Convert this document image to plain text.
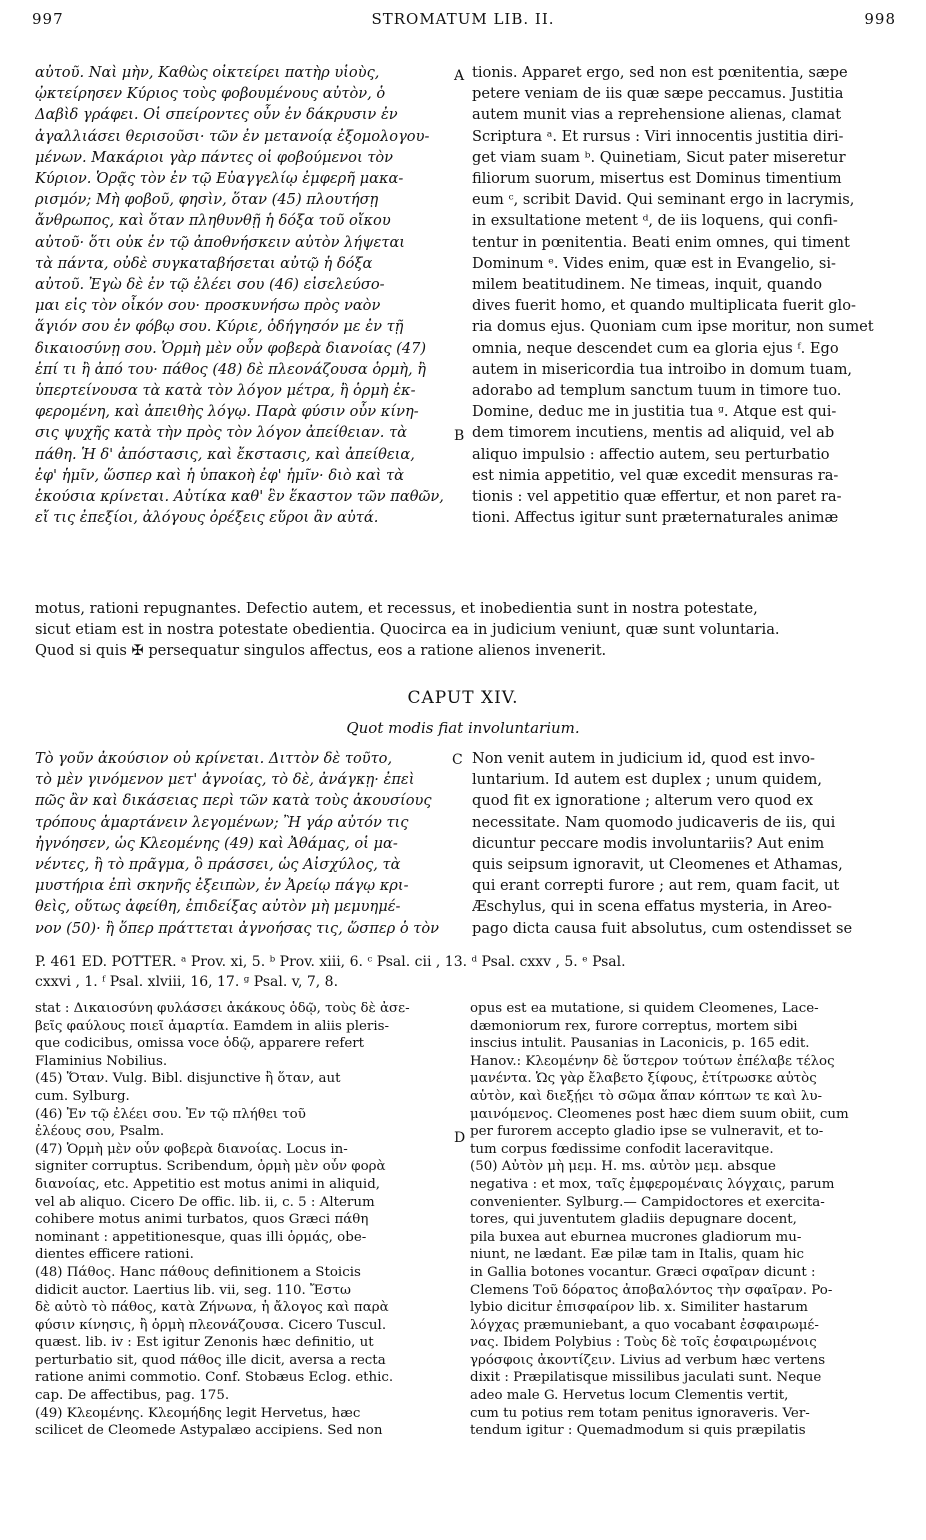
997	STROMATUM LIB. II.	998
A
B
C
D
αὐτοῦ. Ναὶ μὴν, Καθὼς οἰκτείρει πατὴρ υἱοὺς,
ᾠκτείρησεν Κύριος τοὺς φοβουμένους αὐτὸν, ὁ
Δαβὶδ γράφει. Οἱ σπείροντες οὖν ἐν δάκρυσιν ἐν
ἀγαλλιάσει θερισοῦσι· τῶν ἐν μετανοίᾳ ἐξομολογου-
μένων. Μακάριοι γὰρ πάντες οἱ φοβούμενοι τὸν
Κύριον. Ὁρᾷς τὸν ἐν τῷ Εὐαγγελίῳ ἐμφερῆ μακα-
ρισμόν; Μὴ φοβοῦ, φησὶν, ὅταν (45) πλουτήσῃ
ἄνθρωπος, καὶ ὅταν πληθυνθῇ ἡ δόξα τοῦ οἴκου
αὐτοῦ· ὅτι οὐκ ἐν τῷ ἀποθνήσκειν αὐτὸν λήψεται
τὰ πάντα, οὐδὲ συγκαταβήσεται αὐτῷ ἡ δόξα
αὐτοῦ. Ἐγὼ δὲ ἐν τῷ ἐλέει σου (46) εἰσελεύσο-
μαι εἰς τὸν οἶκόν σου· προσκυνήσω πρὸς ναὸν
ἅγιόν σου ἐν φόβῳ σου. Κύριε, ὁδήγησόν με ἐν τῇ
δικαιοσύνῃ σου. Ὁρμὴ μὲν οὖν φοβερὰ διανοίας (47)
ἐπί τι ἢ ἀπό του· πάθος (48) δὲ πλεονάζουσα ὁρμὴ, ἢ
ὑπερτείνουσα τὰ κατὰ τὸν λόγον μέτρα, ἢ ὁρμὴ ἐκ-
φερομένη, καὶ ἀπειθὴς λόγῳ. Παρὰ φύσιν οὖν κίνη-
σις ψυχῆς κατὰ τὴν πρὸς τὸν λόγον ἀπείθειαν. τὰ
πάθη. Ἡ δ' ἀπόστασις, καὶ ἔκστασις, καὶ ἀπείθεια,
ἐφ' ἡμῖν, ὥσπερ καὶ ἡ ὑπακοὴ ἐφ' ἡμῖν· διὸ καὶ τὰ
ἑκούσια κρίνεται. Αὐτίκα καθ' ἓν ἕκαστον τῶν παθῶν,
εἴ τις ἐπεξίοι, ἀλόγους ὀρέξεις εὕροι ἂν αὐτά.
tionis. Apparet ergo, sed non est pœnitentia, sæpe
petere veniam de iis quæ sæpe peccamus. Justitia
autem munit vias a reprehensione alienas, clamat
Scriptura ᵃ. Et rursus : Viri innocentis justitia diri-
get viam suam ᵇ. Quinetiam, Sicut pater miseretur
filiorum suorum, misertus est Dominus timentium
eum ᶜ, scribit David. Qui seminant ergo in lacrymis,
in exsultatione metent ᵈ, de iis loquens, qui confi-
tentur in pœnitentia. Beati enim omnes, qui timent
Dominum ᵉ. Vides enim, quæ est in Evangelio, si-
milem beatitudinem. Ne timeas, inquit, quando
dives fuerit homo, et quando multiplicata fuerit glo-
ria domus ejus. Quoniam cum ipse moritur, non sumet
omnia, neque descendet cum ea gloria ejus ᶠ. Ego
autem in misericordia tua introibo in domum tuam,
adorabo ad templum sanctum tuum in timore tuo.
Domine, deduc me in justitia tua ᵍ. Atque est qui-
dem timorem incutiens, mentis ad aliquid, vel ab
aliquo impulsio : affectio autem, seu perturbatio
est nimia appetitio, vel quæ excedit mensuras ra-
tionis : vel appetitio quæ effertur, et non paret ra-
tioni. Affectus igitur sunt præternaturales animæ
motus, rationi repugnantes. Defectio autem, et recessus, et inobedientia sunt in nostra potestate,
sicut etiam est in nostra potestate obedientia. Quocirca ea in judicium veniunt, quæ sunt voluntaria.
Quod si quis ✠ persequatur singulos affectus, eos a ratione alienos invenerit.
CAPUT XIV.
Quot modis fiat involuntarium.
Τὸ γοῦν ἀκούσιον οὐ κρίνεται. Διττὸν δὲ τοῦτο,
τὸ μὲν γινόμενον μετ' ἀγνοίας, τὸ δὲ, ἀνάγκῃ· ἐπεὶ
πῶς ἂν καὶ δικάσειας περὶ τῶν κατὰ τοὺς ἀκουσίους
τρόπους ἁμαρτάνειν λεγομένων; Ἢ γάρ αὐτόν τις
ἠγνόησεν, ὡς Κλεομένης (49) καὶ Ἀθάμας, οἱ μα-
νέντες, ἢ τὸ πρᾶγμα, ὃ πράσσει, ὡς Αἰσχύλος, τὰ
μυστήρια ἐπὶ σκηνῆς ἐξειπὼν, ἐν Ἀρείῳ πάγῳ κρι-
θεὶς, οὕτως ἀφείθη, ἐπιδείξας αὐτὸν μὴ μεμυημέ-
νον (50)· ἢ ὅπερ πράττεται ἀγνοήσας τις, ὥσπερ ὁ τὸν
Non venit autem in judicium id, quod est invo-
luntarium. Id autem est duplex ; unum quidem,
quod fit ex ignoratione ; alterum vero quod ex
necessitate. Nam quomodo judicaveris de iis, qui
dicuntur peccare modis involuntariis? Aut enim
quis seipsum ignoravit, ut Cleomenes et Athamas,
qui erant correpti furore ; aut rem, quam facit, ut
Æschylus, qui in scena effatus mysteria, in Areo-
pago dicta causa fuit absolutus, cum ostendisset se
P. 461 ED. POTTER. ᵃ Prov. xi, 5. ᵇ Prov. xiii, 6. ᶜ Psal. cii , 13. ᵈ Psal. cxxv , 5. ᵉ Psal.
cxxvi , 1. ᶠ Psal. xlviii, 16, 17. ᵍ Psal. v, 7, 8.
stat : Δικαιοσύνη φυλάσσει ἀκάκους ὁδῷ, τοὺς δὲ ἀσε-
βεῖς φαύλους ποιεῖ ἁμαρτία. Eamdem in aliis pleris-
que codicibus, omissa voce ὁδῷ, apparere refert
Flaminius Nobilius.
(45) Ὅταν. Vulg. Bibl. disjunctive ἢ ὅταν, aut
cum. Sylburg.
(46) Ἐν τῷ ἐλέει σου. Ἐν τῷ πλήθει τοῦ
ἐλέους σου, Psalm.
(47) Ὁρμὴ μὲν οὖν φοβερὰ διανοίας. Locus in-
signiter corruptus. Scribendum, ὁρμὴ μὲν οὖν φορὰ
διανοίας, etc. Appetitio est motus animi in aliquid,
vel ab aliquo. Cicero De offic. lib. ii, c. 5 : Alterum
cohibere motus animi turbatos, quos Græci πάθη
nominant : appetitionesque, quas illi ὁρμάς, obe-
dientes efficere rationi.
(48) Πάθος. Hanc πάθους definitionem a Stoicis
didicit auctor. Laertius lib. vii, seg. 110. Ἔστω
δὲ αὐτὸ τὸ πάθος, κατὰ Ζήνωνα, ἡ ἄλογος καὶ παρὰ
φύσιν κίνησις, ἢ ὁρμὴ πλεονάζουσα. Cicero Tuscul.
quæst. lib. iv : Est igitur Zenonis hæc definitio, ut
perturbatio sit, quod πάθος ille dicit, aversa a recta
ratione animi commotio. Conf. Stobæus Eclog. ethic.
cap. De affectibus, pag. 175.
(49) Κλεομένης. Κλεομήδης legit Hervetus, hæc
scilicet de Cleomede Astypalæo accipiens. Sed non
opus est ea mutatione, si quidem Cleomenes, Lace-
dæmoniorum rex, furore correptus, mortem sibi
inscius intulit. Pausanias in Laconicis, p. 165 edit.
Hanov.: Κλεομένην δὲ ὕστερον τούτων ἐπέλαβε τέλος
μανέντα. Ὡς γὰρ ἔλαβετο ξίφους, ἐτίτρωσκε αὑτὸς
αὑτὸν, καὶ διεξῄει τὸ σῶμα ἅπαν κόπτων τε καὶ λυ-
μαινόμενος. Cleomenes post hæc diem suum obiit, cum
per furorem accepto gladio ipse se vulneravit, et to-
tum corpus fœdissime confodit laceravitque.
(50) Αὐτὸν μὴ μεμ. H. ms. αὐτὸν μεμ. absque
negativa : et mox, ταῖς ἐμφερομέναις λόγχαις, parum
convenienter. Sylburg.— Campidoctores et exercita-
tores, qui juventutem gladiis depugnare docent,
pila buxea aut eburnea mucrones gladiorum mu-
niunt, ne lædant. Eæ pilæ tam in Italis, quam hic
in Gallia botones vocantur. Græci σφαῖραν dicunt :
Clemens Τοῦ δόρατος ἀποβαλόντος τὴν σφαῖραν. Po-
lybio dicitur ἐπισφαίρον lib. x. Similiter hastarum
λόγχας præmuniebant, a quo vocabant ἐσφαιρωμέ-
νας. Ibidem Polybius : Τοὺς δὲ τοῖς ἐσφαιρωμένοις
γρόσφοις ἀκοντίζειν. Livius ad verbum hæc vertens
dixit : Præpilatisque missilibus jaculati sunt. Neque
adeo male G. Hervetus locum Clementis vertit,
cum tu potius rem totam penitus ignoraveris. Ver-
tendum igitur : Quemadmodum si quis præpilatis
